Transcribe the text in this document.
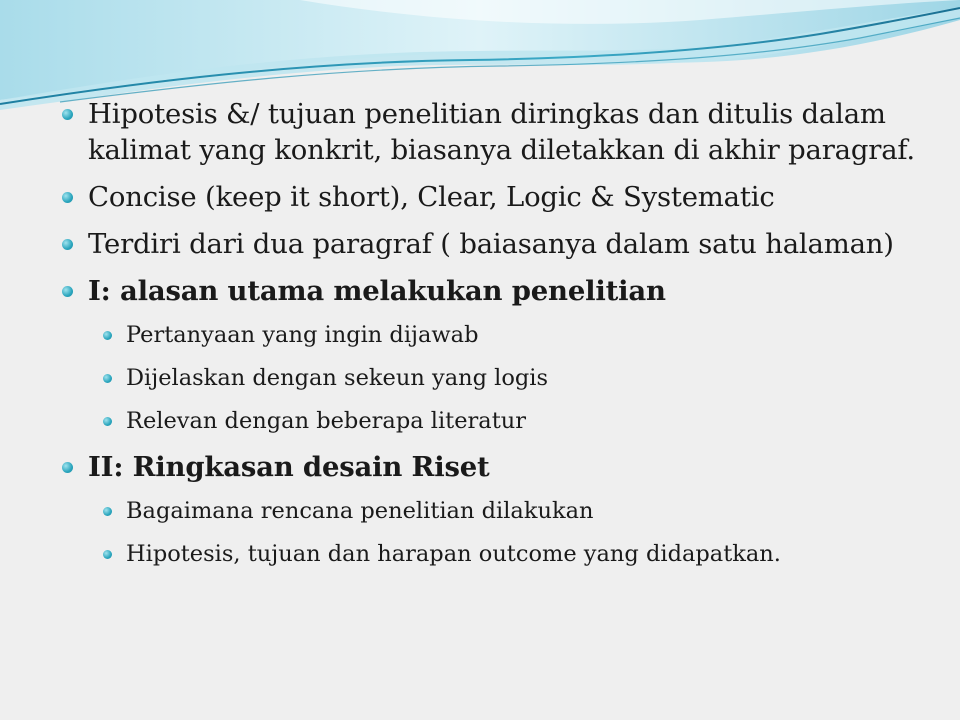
Hipotesis &/ tujuan penelitian diringkas dan ditulis dalam kalimat yang konkrit, biasanya diletakkan di akhir paragraf.
Concise (keep it short), Clear, Logic & Systematic
Terdiri dari dua paragraf ( baiasanya dalam satu halaman)
I: alasan utama melakukan penelitian
Pertanyaan yang ingin dijawab
Dijelaskan dengan sekeun yang logis
Relevan dengan beberapa literatur
II: Ringkasan desain Riset
Bagaimana rencana penelitian dilakukan
Hipotesis, tujuan dan harapan outcome yang didapatkan.
